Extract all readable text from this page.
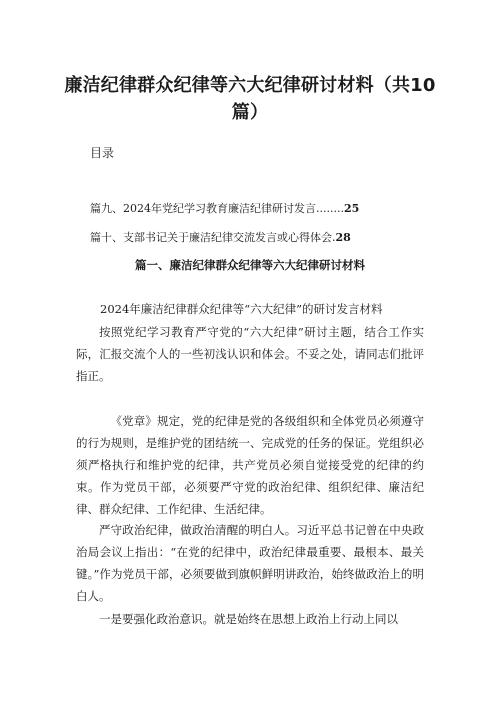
廉洁纪律群众纪律等六大纪律研讨材料（共10篇）
目录
篇九、2024年党纪学习教育廉洁纪律研讨发言........25
篇十、支部书记关于廉洁纪律交流发言或心得体会.28
篇一、廉洁纪律群众纪律等六大纪律研讨材料
2024年廉洁纪律群众纪律等“六大纪律”的研讨发言材料

按照党纪学习教育严守党的“六大纪律”研讨主题，结合工作实际，汇报交流个人的一些初浅认识和体会。不妥之处，请同志们批评指正。

《党章》规定，党的纪律是党的各级组织和全体党员必须遵守的行为规则，是维护党的团结统一、完成党的任务的保证。党组织必须严格执行和维护党的纪律，共产党员必须自觉接受党的纪律的约束。作为党员干部，必须要严守党的政治纪律、组织纪律、廉洁纪律、群众纪律、工作纪律、生活纪律。

严守政治纪律，做政治清醒的明白人。习近平总书记曾在中央政治局会议上指出：“在党的纪律中，政治纪律最重要、最根本、最关键。”作为党员干部，必须要做到旗帜鲜明讲政治，始终做政治上的明白人。

一是要强化政治意识。就是始终在思想上政治上行动上同以
